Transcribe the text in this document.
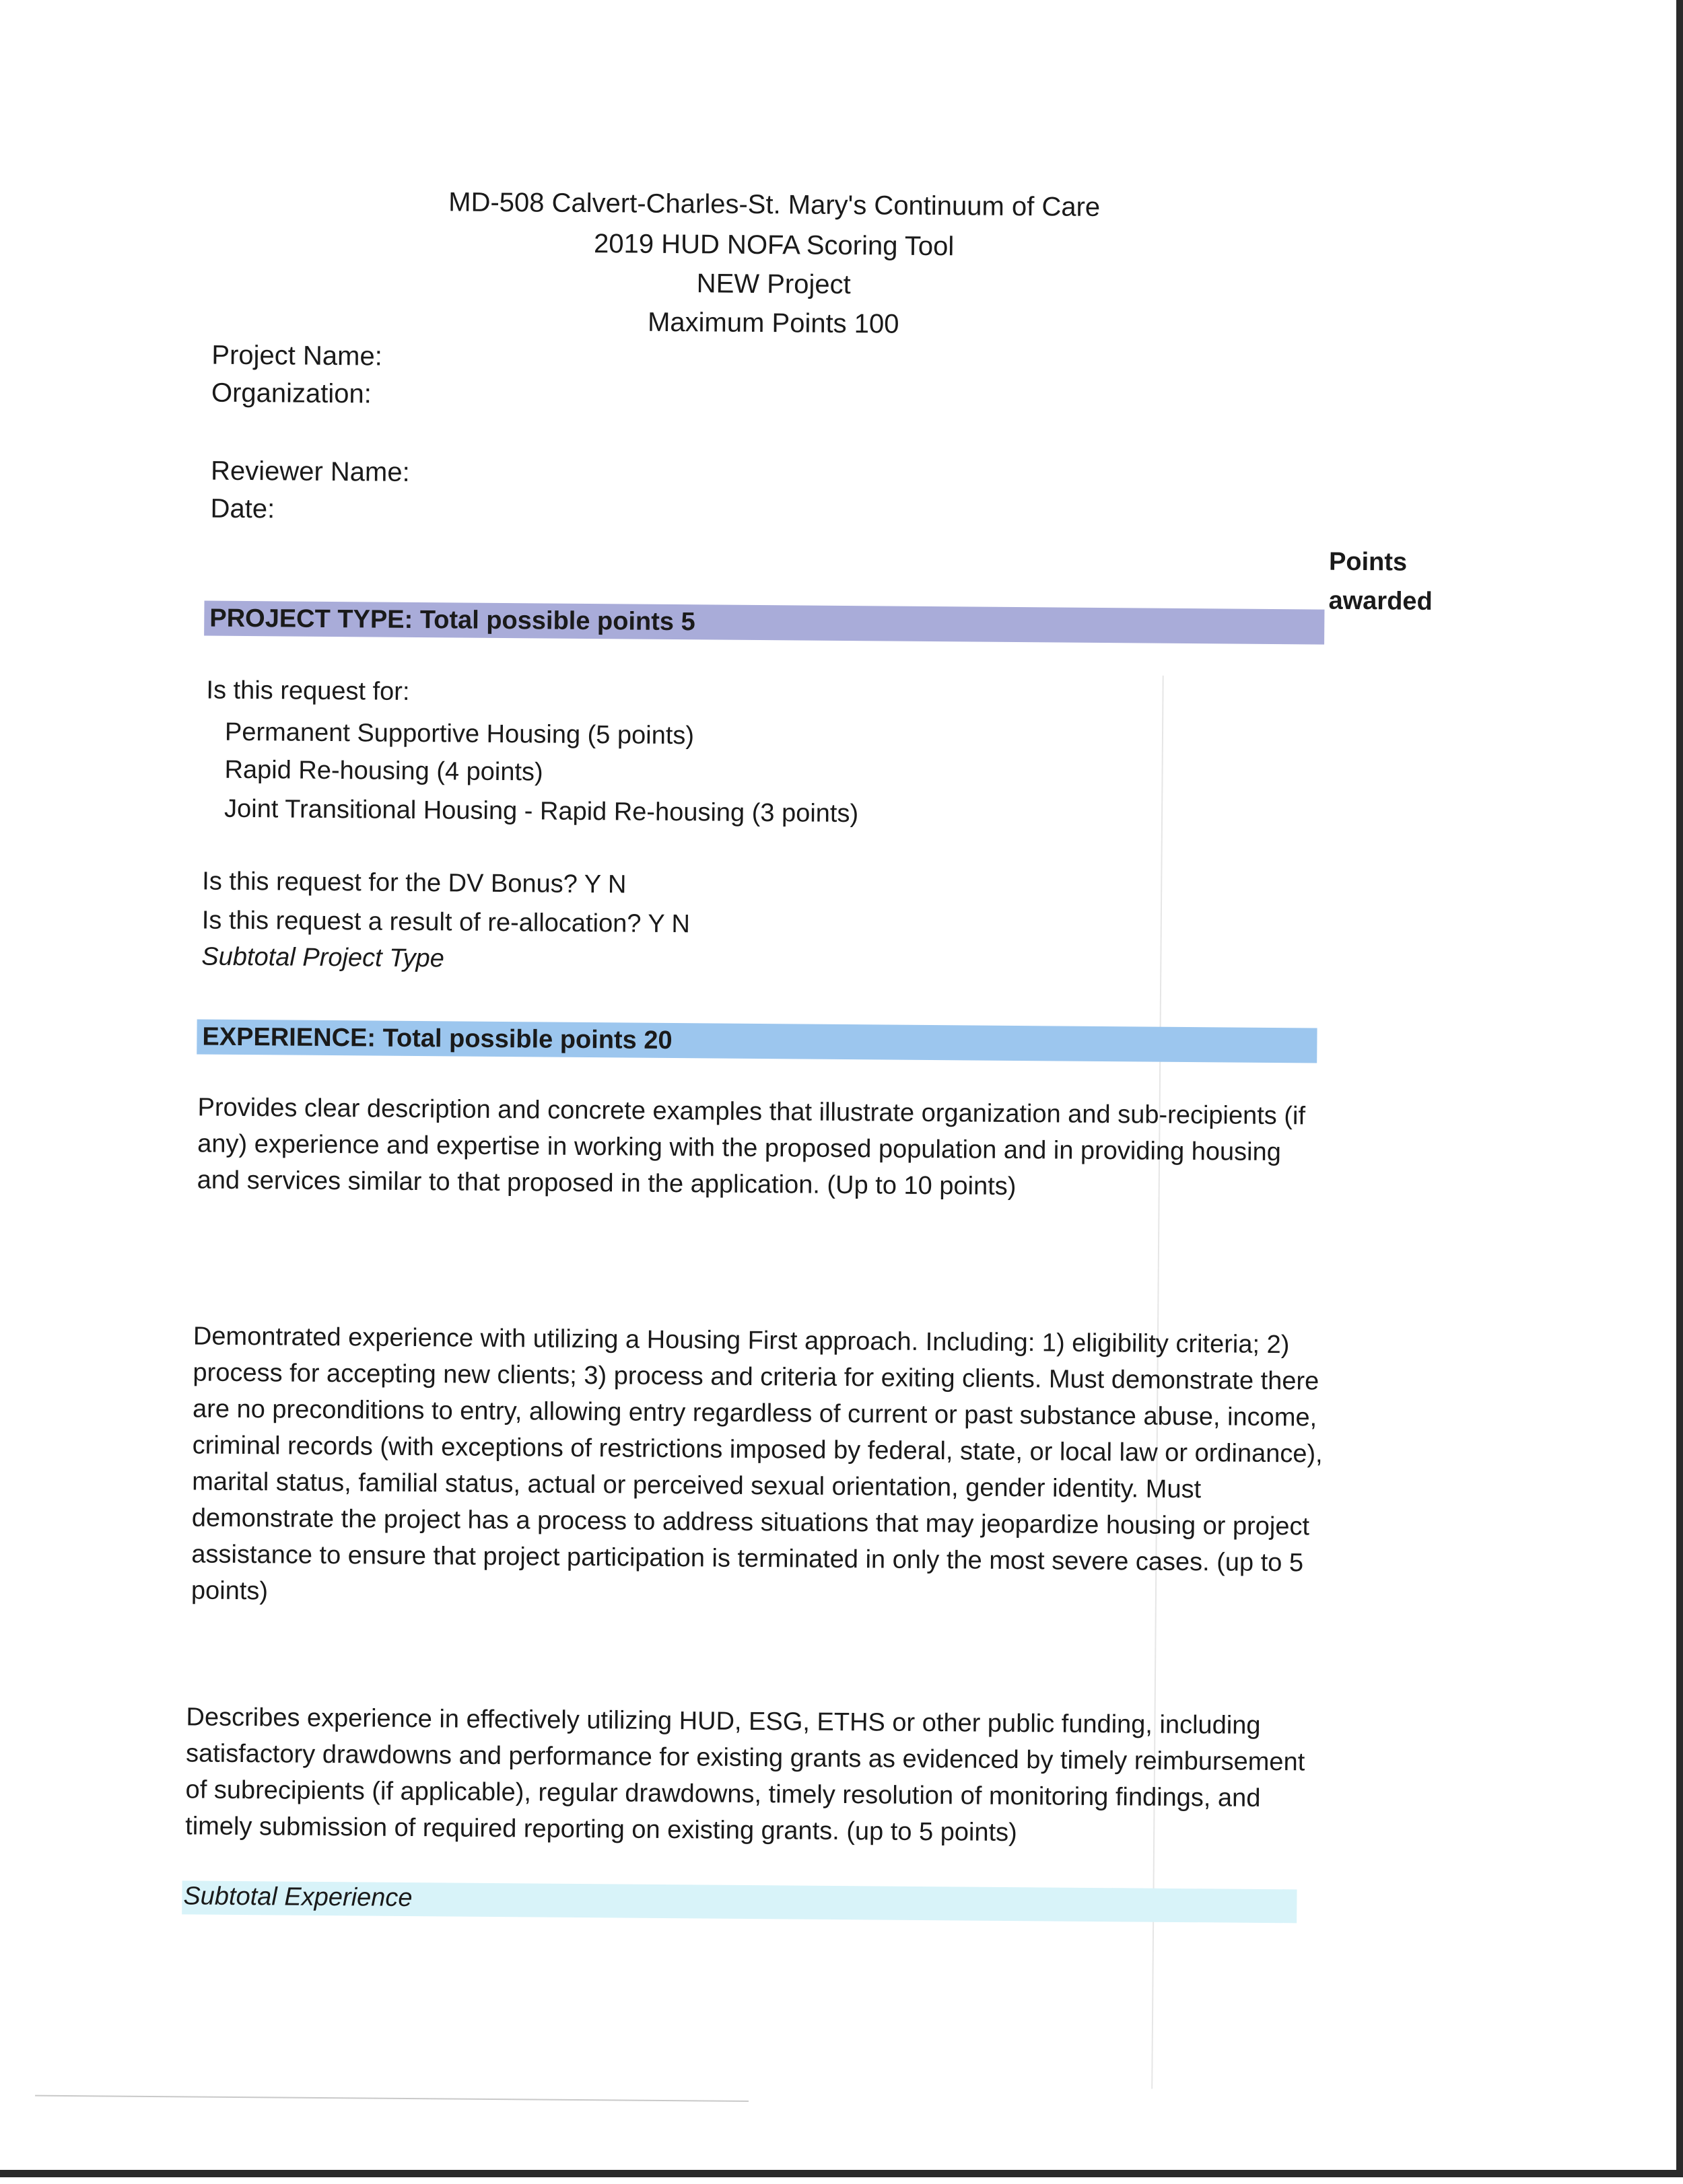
MD-508 Calvert-Charles-St. Mary's Continuum of Care
2019 HUD NOFA Scoring Tool
NEW Project
Maximum Points 100
Project Name:
Organization:
Reviewer Name:
Date:
Points
awarded
PROJECT TYPE: Total possible points 5
Is this request for:
Permanent Supportive Housing (5 points)
Rapid Re-housing (4 points)
Joint Transitional Housing - Rapid Re-housing (3 points)
Is this request for the DV Bonus? Y N
Is this request a result of re-allocation? Y N
Subtotal Project Type
EXPERIENCE: Total possible points 20
Provides clear description and concrete examples that illustrate organization and sub-recipients (if any) experience and expertise in working with the proposed population and in providing housing and services similar to that proposed in the application. (Up to 10 points)
Demontrated experience with utilizing a Housing First approach. Including: 1) eligibility criteria; 2) process for accepting new clients; 3) process and criteria for exiting clients. Must demonstrate there are no preconditions to entry, allowing entry regardless of current or past substance abuse, income, criminal records (with exceptions of restrictions imposed by federal, state, or local law or ordinance), marital status, familial status, actual or perceived sexual orientation, gender identity. Must demonstrate the project has a process to address situations that may jeopardize housing or project assistance to ensure that project participation is terminated in only the most severe cases. (up to 5 points)
Describes experience in effectively utilizing HUD, ESG, ETHS or other public funding, including satisfactory drawdowns and performance for existing grants as evidenced by timely reimbursement of subrecipients (if applicable), regular drawdowns, timely resolution of monitoring findings, and timely submission of required reporting on existing grants. (up to 5 points)
Subtotal Experience
